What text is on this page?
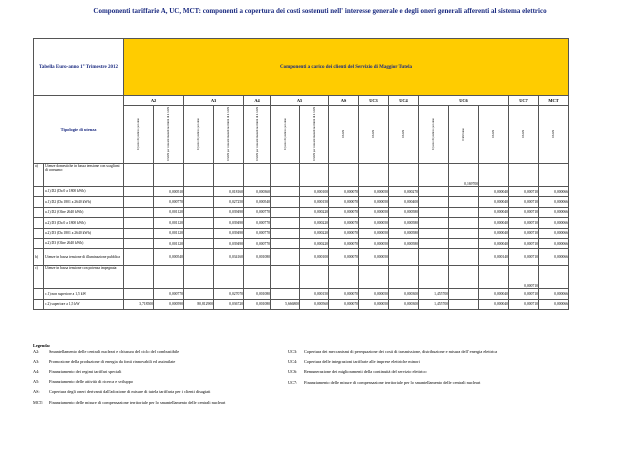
Componenti tariffarie A, UC, MCT: componenti a copertura dei costi sostenuti nell' interesse generale e degli oneri generali afferenti al sistema elettrico
Tabella Euro-anno 1° Trimestre 2012		Componenti a carico dei clienti del Servizio di Maggior Tutela														
Tipologie di utenza		A2		A3		A4	A5		AS	UC3	UC4	UC6			UC7	MCT
		€/punto di prelievo per anno	€/kWh per consumi mensili nei limiti di 4 GWh	€/punto di prelievo per anno	€/kWh per consumi mensili nei limiti di 4 GWh	€/kWh per consumi mensili nei limiti di 4 GWh	€/punto di prelievo per anno	€/kWh per consumi mensili nei limiti di 4 GWh	€/kWh	€/kWh	€/kWh	€/punto di prelievo per anno	€/kW/anno	€/kWh	€/kWh	€/kWh
a)	Utenze domestiche in bassa tensione con scaglioni di consumo:												0,169700			
	a.1) D2 (Da 0 a 1800 kWh)		0,000510		0,018160	0,000360		0,000100	0,000070	0,000050	0,000270			0,000040	0,000710	0,000066
	a.1) D2 (Da 1801 a 2640 kWh)		0,000770		0,027250	0,000540		0,000150	0,000070	0,000050	0,000400			0,000040	0,000710	0,000066
	a.1) D2 (Oltre 2640 kWh)		0,001120		0,039490	0,000770		0,000220	0,000070	0,000050	0,000580			0,000040	0,000710	0,000066
	a.2) D3 (Da 0 a 1800 kWh)		0,001120		0,039490	0,000770		0,000220	0,000070	0,000050	0,000580			0,000040	0,000710	0,000066
	a.2) D3 (Da 1801 a 2640 kWh)		0,001120		0,039490	0,000770		0,000220	0,000070	0,000050	0,000580			0,000040	0,000710	0,000066
	a.2) D3 (Oltre 2640 kWh)		0,001120		0,039490	0,000770		0,000220	0,000070	0,000050	0,000580			0,000040	0,000710	0,000066
b)	Utenze in bassa tensione di illuminazione pubblica		0,000540		0,034160	0,001080		0,000100	0,000070	0,000050				0,000140	0,000710	0,000066
c)	Utenze in bassa tensione con potenza impegnata:														0,000710	
	c.1) non superiore a 1,5 kW		0,000770		0,027070	0,001080		0,000150	0,000070	0,000050	0,000300	1,455700		0,000040	0,000710	0,000066
	c.2) superiore a 1,5 kW	3,718500	0,000590	80,812900	0,036720	0,001080	5,666800	0,000560	0,000070	0,000050	0,000300	1,455700		0,000040	0,000710	0,000066
Legenda:
A2: Smantellamento delle centrali nucleari e chiusura del ciclo del combustibile
A3: Promozione della produzione di energia da fonti rinnovabili ed assimilate
A4: Finanziamento dei regimi tariffari speciali
A5: Finanziamento delle attività di ricerca e sviluppo
AS: Copertura degli oneri derivanti dall'adozione di misure di tutela tariffaria per i clienti disagiati
MCT: Finanziamento delle misure di compensazione territoriale per lo smantellamento delle centrali nucleari
UC3: Copertura dei meccanismi di perequazione dei costi di trasmissione, distribuzione e misura dell' energia elettrica
UC4: Copertura delle integrazioni tariffarie alle imprese elettriche minori
UC6: Remunerazione dei miglioramenti della continuità del servizio elettrico
UC7: Finanziamento delle misure di compensazione territoriale per lo smantellamento delle centrali nucleari
